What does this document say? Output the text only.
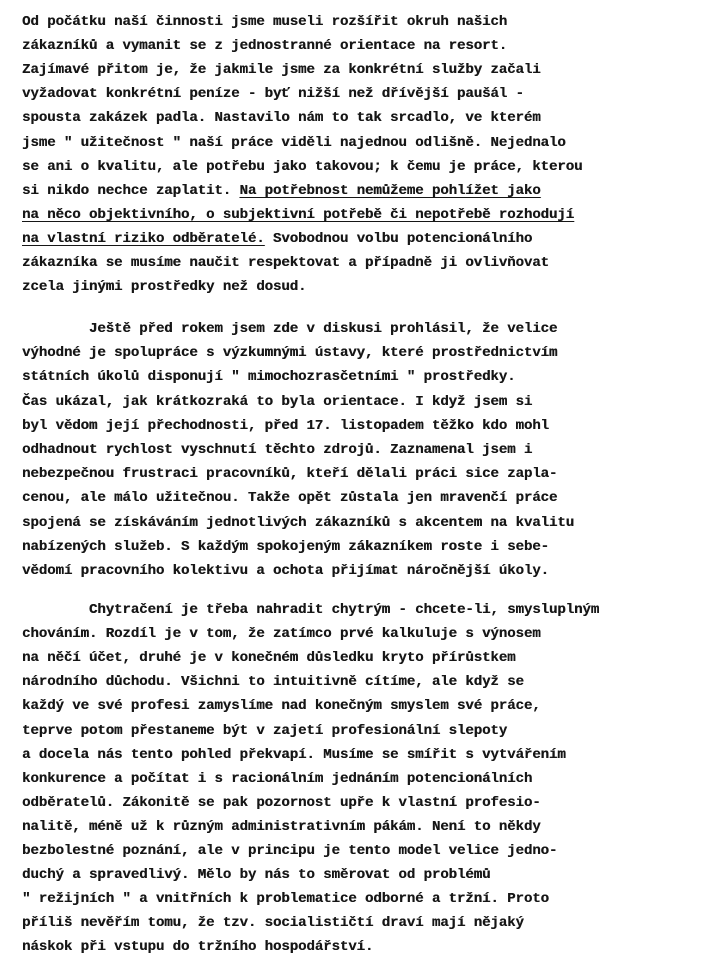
Od počátku naší činnosti jsme museli rozšířit okruh našich
zákazníků a vymanit se z jednostranné orientace na resort.
Zajímavé přitom je, že jakmile jsme za konkrétní služby začali
vyžadovat konkrétní peníze - byť nižší než dřívější paušál -
spousta zakázek padla. Nastavilo nám to tak srcadlo, ve kterém
jsme " užitečnost " naší práce viděli najednou odlišně. Nejednalo
se ani o kvalitu, ale potřebu jako takovou; k čemu je práce, kterou
si nikdo nechce zaplatit. Na potřebnost nemůžeme pohlížet jako
na něco objektivního, o subjektivní potřebě či nepotřebě rozhodují
na vlastní riziko odběratelé. Svobodnou volbu potencionálního
zákazníka se musíme naučit respektovat a případně ji ovlivňovat
zcela jinými prostředky než dosud.
Ještě před rokem jsem zde v diskusi prohlásil, že velice
výhodné je spolupráce s výzkumnými ústavy, které prostřednictvím
státních úkolů disponují " mimochozrasčetními " prostředky.
Čas ukázal, jak krátkozraká to byla orientace. I když jsem si
byl vědom její přechodnosti, před 17. listopadem těžko kdo mohl
odhadnout rychlost vyschnutí těchto zdrojů. Zaznamenal jsem i
nebezpečnou frustraci pracovníků, kteří dělali práci sice zapla-
cenou, ale málo užitečnou. Takže opět zůstala jen mravenčí práce
spojená se získáváním jednotlivých zákazníků s akcentem na kvalitu
nabízených služeb. S každým spokojeným zákazníkem roste i sebe-
vědomí pracovního kolektivu a ochota přijímat náročnější úkoly.
Chytračení je třeba nahradit chytrým - chcete-li, smysluplným
chováním. Rozdíl je v tom, že zatímco prvé kalkuluje s výnosem
na něčí účet, druhé je v konečném důsledku kryto přírůstkem
národního důchodu. Všichni to intuitivně cítíme, ale když se
každý ve své profesi zamyslíme nad konečným smyslem své práce,
teprve potom přestaneme být v zajetí profesionální slepoty
a docela nás tento pohled překvapí. Musíme se smířit s vytvářením
konkurence a počítat i s racionálním jednáním potencionálních
odběratelů. Zákonitě se pak pozornost upře k vlastní profesio-
nalitě, méně už k různým administrativním pákám. Není to někdy
bezbolestné poznání, ale v principu je tento model velice jedno-
duchý a spravedlivý. Mělo by nás to směrovat od problémů
" režijních " a vnitřních k problematice odborné a tržní. Proto
příliš nevěřím tomu, že tzv. socialističtí draví mají nějaký
náskok při vstupu do tržního hospodářství.
